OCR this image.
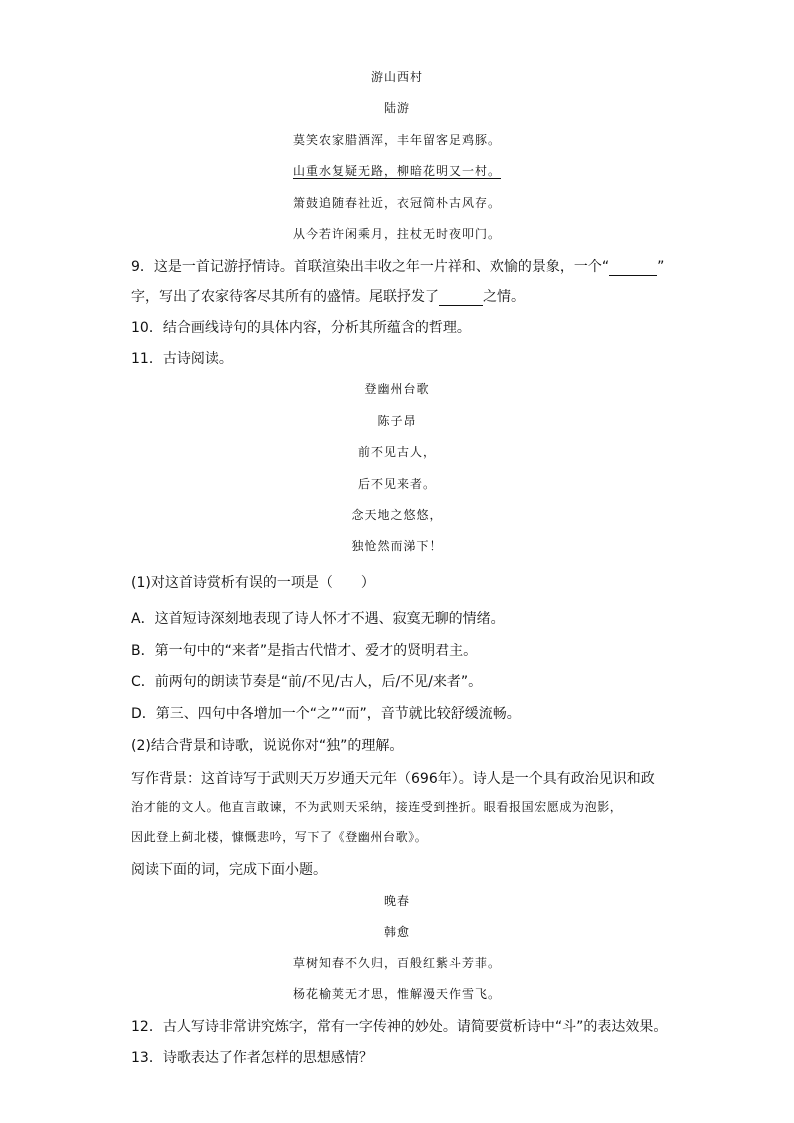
游山西村
陆游
莫笑农家腊酒浑，丰年留客足鸡豚。
山重水复疑无路，柳暗花明又一村。
箫鼓追随春社近，衣冠简朴古风存。
从今若许闲乘月，拄杖无时夜叩门。
9．这是一首记游抒情诗。首联渲染出丰收之年一片祥和、欢愉的景象，一个“	”
字，写出了农家待客尽其所有的盛情。尾联抒发了	之情。
10．结合画线诗句的具体内容，分析其所蕴含的哲理。
11．古诗阅读。
登幽州台歌
陈子昂
前不见古人，
后不见来者。
念天地之悠悠，
独怆然而涕下！
(1)对这首诗赏析有误的一项是（　　）
A．这首短诗深刻地表现了诗人怀才不遇、寂寞无聊的情绪。
B．第一句中的“来者”是指古代惜才、爱才的贤明君主。
C．前两句的朗读节奏是“前/不见/古人，后/不见/来者”。
D．第三、四句中各增加一个“之”“而”，音节就比较舒缓流畅。
(2)结合背景和诗歌，说说你对“独”的理解。
写作背景：这首诗写于武则天万岁通天元年（696年）。诗人是一个具有政治见识和政
治才能的文人。他直言敢谏，不为武则天采纳，接连受到挫折。眼看报国宏愿成为泡影，
因此登上蓟北楼，慷慨悲吟，写下了《登幽州台歌》。
阅读下面的词，完成下面小题。
晚春
韩愈
草树知春不久归，百般红紫斗芳菲。
杨花榆荚无才思，惟解漫天作雪飞。
12．古人写诗非常讲究炼字，常有一字传神的妙处。请简要赏析诗中“斗”的表达效果。
13．诗歌表达了作者怎样的思想感情？
